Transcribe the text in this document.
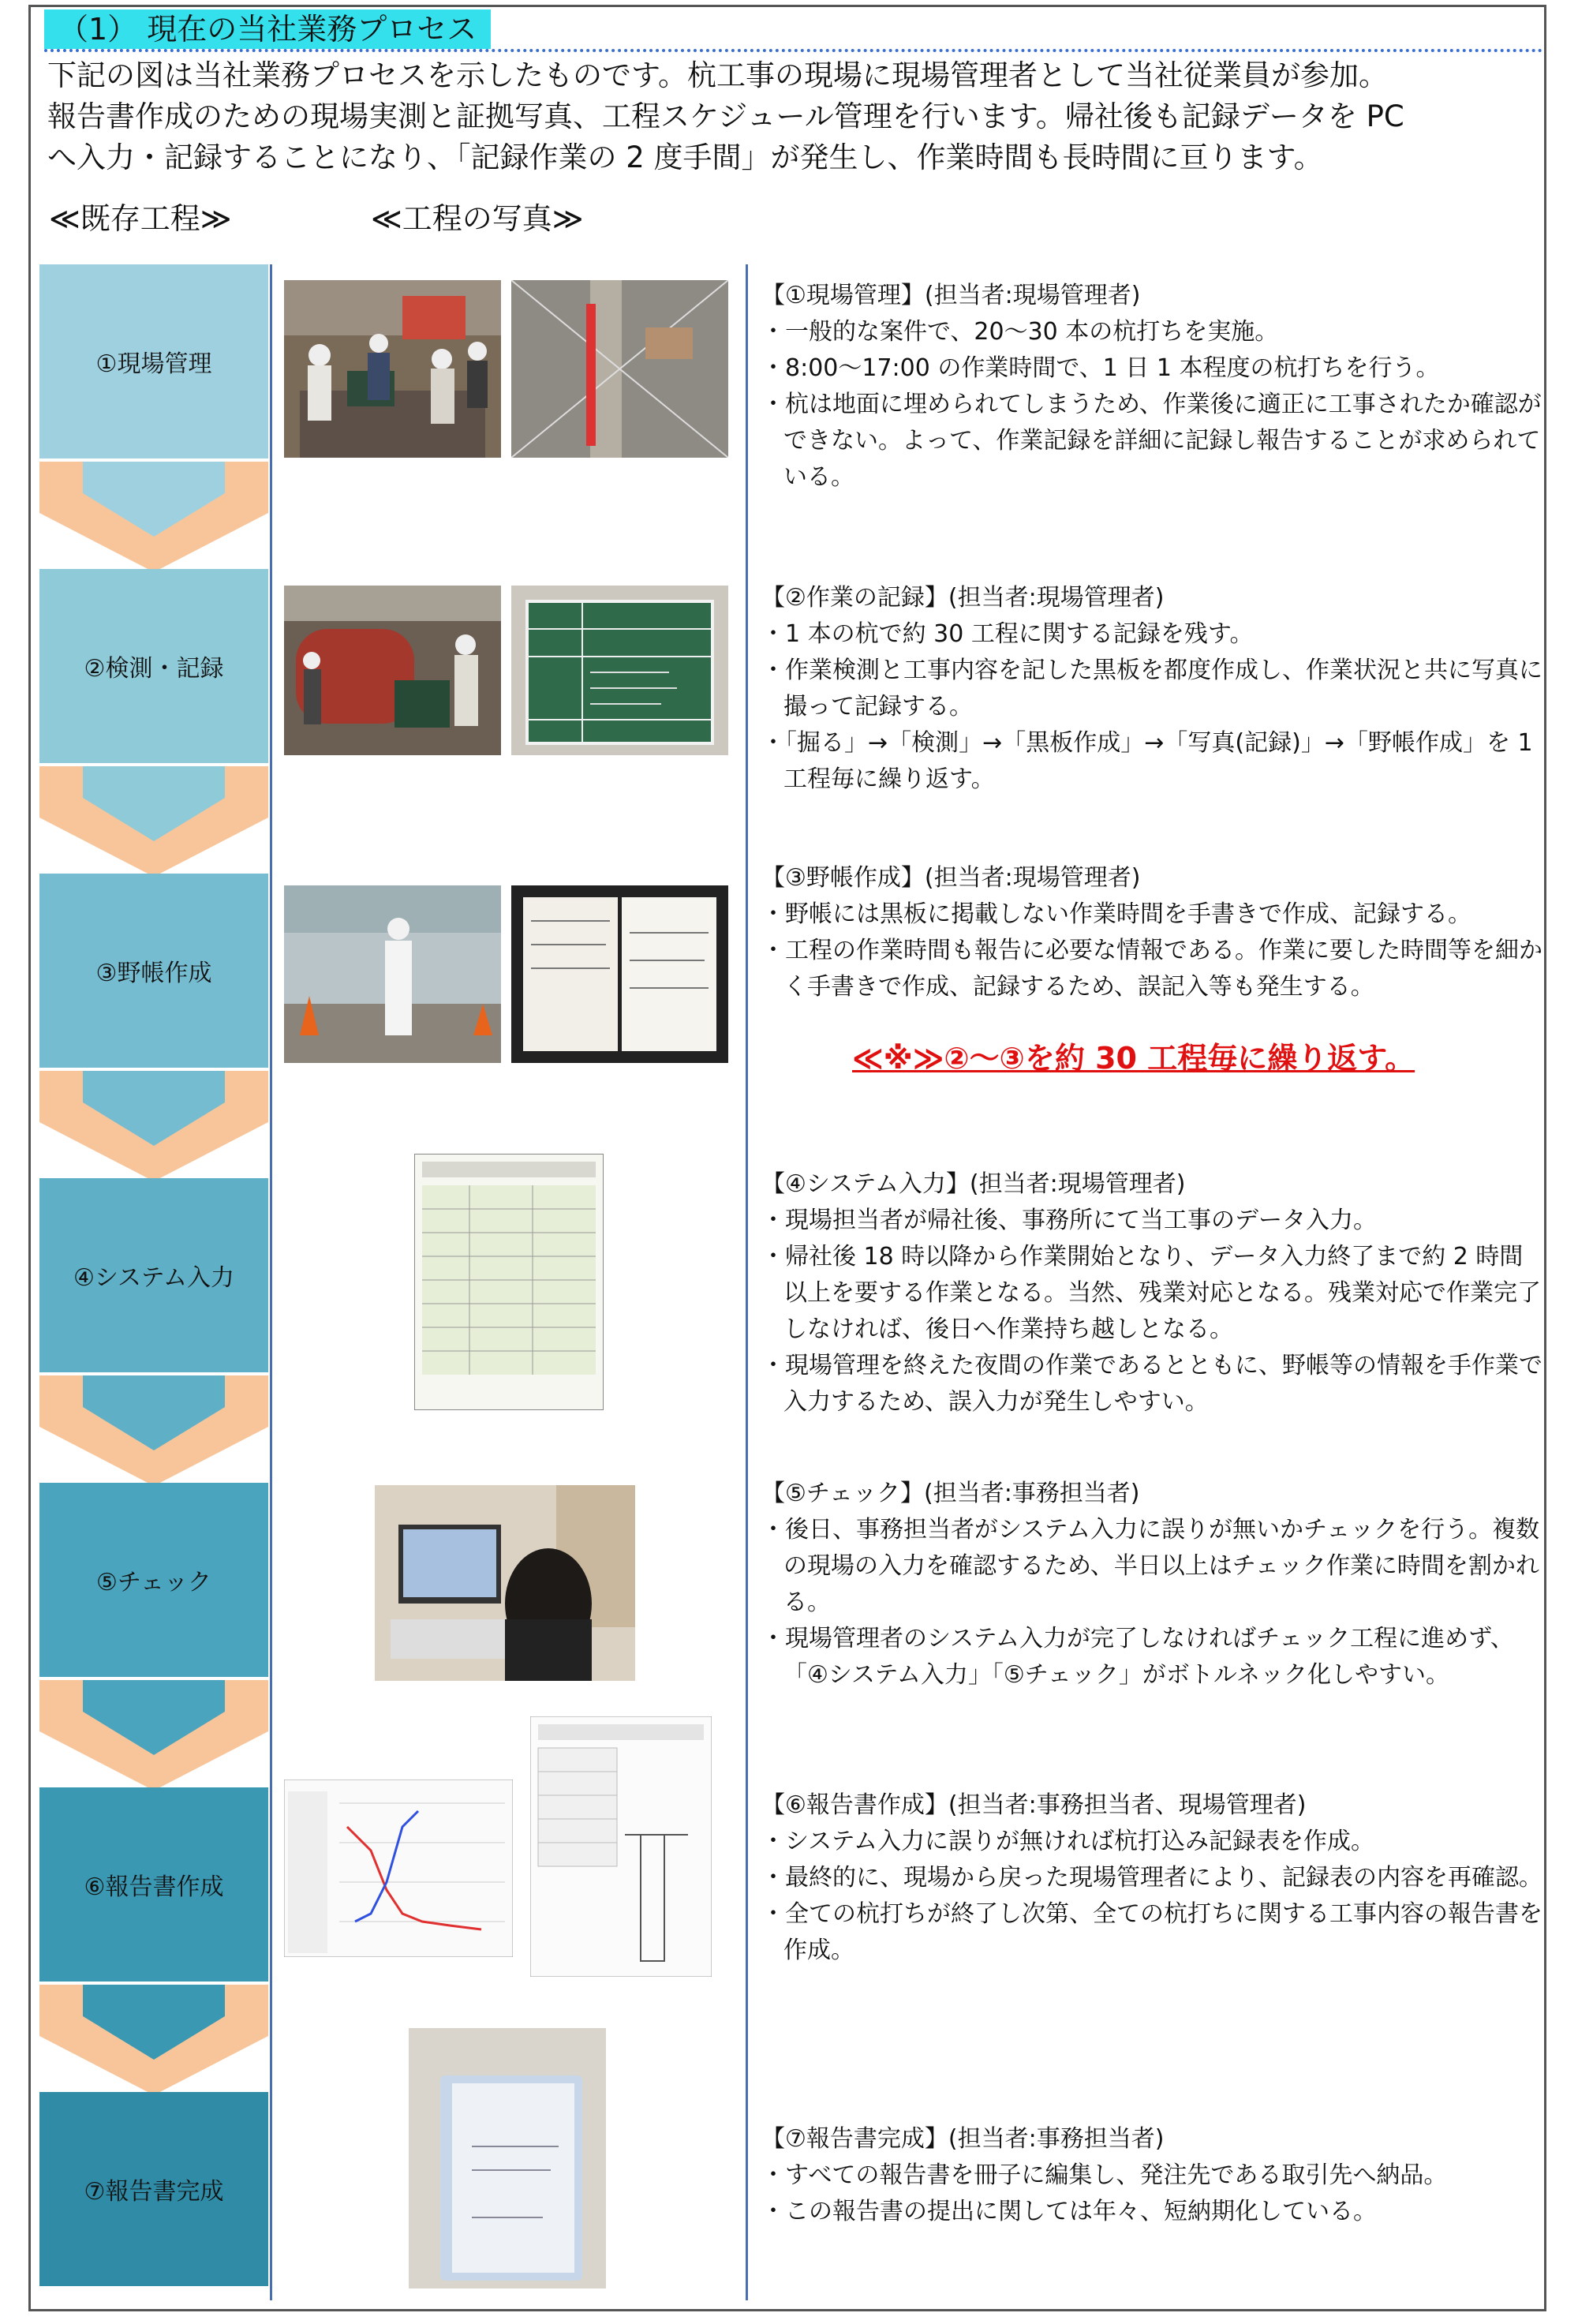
（1） 現在の当社業務プロセス

下記の図は当社業務プロセスを示したものです。杭工事の現場に現場管理者として当社従業員が参加。
報告書作成のための現場実測と証拠写真、工程スケジュール管理を行います。帰社後も記録データを PC
へ入力・記録することになり、「記録作業の 2 度手間」が発生し、作業時間も長時間に亘ります。

≪既存工程≫	≪工程の写真≫
①現場管理
②検測・記録
③野帳作成
④システム入力
⑤チェック
⑥報告書作成
⑦報告書完成

【①現場管理】(担当者:現場管理者)
・一般的な案件で、20〜30 本の杭打ちを実施。
・8:00〜17:00 の作業時間で、1 日 1 本程度の杭打ちを行う。
・杭は地面に埋められてしまうため、作業後に適正に工事されたか確認ができない。よって、作業記録を詳細に記録し報告することが求められている。

【②作業の記録】(担当者:現場管理者)
・1 本の杭で約 30 工程に関する記録を残す。
・作業検測と工事内容を記した黒板を都度作成し、作業状況と共に写真に撮って記録する。
・「掘る」→「検測」→「黒板作成」→「写真(記録)」→「野帳作成」を 1 工程毎に繰り返す。

【③野帳作成】(担当者:現場管理者)
・野帳には黒板に掲載しない作業時間を手書きで作成、記録する。
・工程の作業時間も報告に必要な情報である。作業に要した時間等を細かく手書きで作成、記録するため、誤記入等も発生する。

≪※≫②〜③を約 30 工程毎に繰り返す。

【④システム入力】(担当者:現場管理者)
・現場担当者が帰社後、事務所にて当工事のデータ入力。
・帰社後 18 時以降から作業開始となり、データ入力終了まで約 2 時間以上を要する作業となる。当然、残業対応となる。残業対応で作業完了しなければ、後日へ作業持ち越しとなる。
・現場管理を終えた夜間の作業であるとともに、野帳等の情報を手作業で入力するため、誤入力が発生しやすい。

【⑤チェック】(担当者:事務担当者)
・後日、事務担当者がシステム入力に誤りが無いかチェックを行う。複数の現場の入力を確認するため、半日以上はチェック作業に時間を割かれる。
・現場管理者のシステム入力が完了しなければチェック工程に進めず、「④システム入力」「⑤チェック」がボトルネック化しやすい。

【⑥報告書作成】(担当者:事務担当者、現場管理者)
・システム入力に誤りが無ければ杭打込み記録表を作成。
・最終的に、現場から戻った現場管理者により、記録表の内容を再確認。
・全ての杭打ちが終了し次第、全ての杭打ちに関する工事内容の報告書を作成。

【⑦報告書完成】(担当者:事務担当者)
・すべての報告書を冊子に編集し、発注先である取引先へ納品。
・この報告書の提出に関しては年々、短納期化している。
